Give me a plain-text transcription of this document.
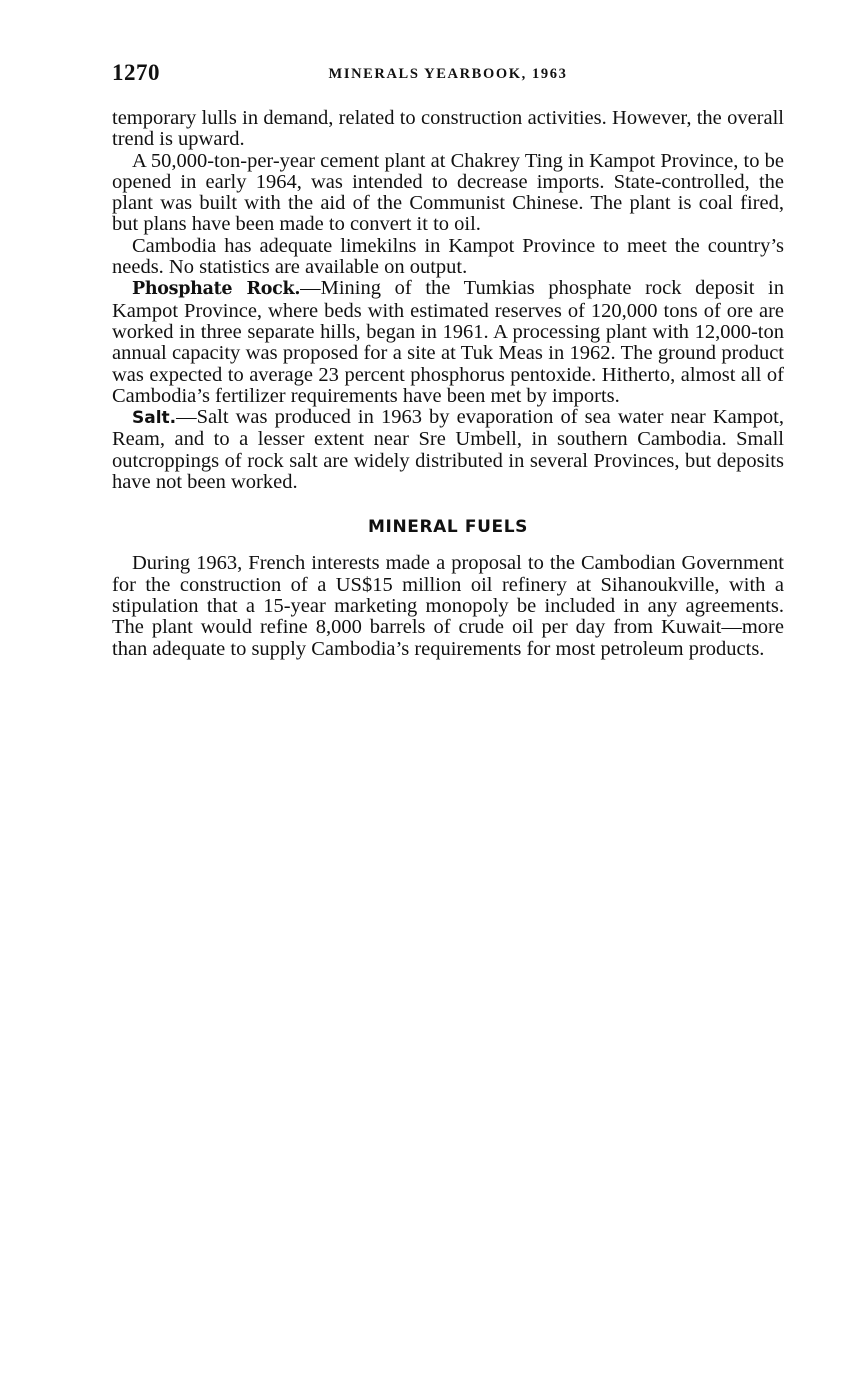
1270	MINERALS YEARBOOK, 1963

temporary lulls in demand, related to construction activities. However, the overall trend is upward.

A 50,000-ton-per-year cement plant at Chakrey Ting in Kampot Province, to be opened in early 1964, was intended to decrease imports. State-controlled, the plant was built with the aid of the Communist Chinese. The plant is coal fired, but plans have been made to convert it to oil.

Cambodia has adequate limekilns in Kampot Province to meet the country’s needs. No statistics are available on output.

Phosphate Rock.—Mining of the Tumkias phosphate rock deposit in Kampot Province, where beds with estimated reserves of 120,000 tons of ore are worked in three separate hills, began in 1961. A processing plant with 12,000-ton annual capacity was proposed for a site at Tuk Meas in 1962. The ground product was expected to average 23 percent phosphorus pentoxide. Hitherto, almost all of Cambodia’s fertilizer requirements have been met by imports.

Salt.—Salt was produced in 1963 by evaporation of sea water near Kampot, Ream, and to a lesser extent near Sre Umbell, in southern Cambodia. Small outcroppings of rock salt are widely distributed in several Provinces, but deposits have not been worked.

MINERAL FUELS

During 1963, French interests made a proposal to the Cambodian Government for the construction of a US$15 million oil refinery at Sihanoukville, with a stipulation that a 15-year marketing monopoly be included in any agreements. The plant would refine 8,000 barrels of crude oil per day from Kuwait—more than adequate to supply Cambodia’s requirements for most petroleum products.
